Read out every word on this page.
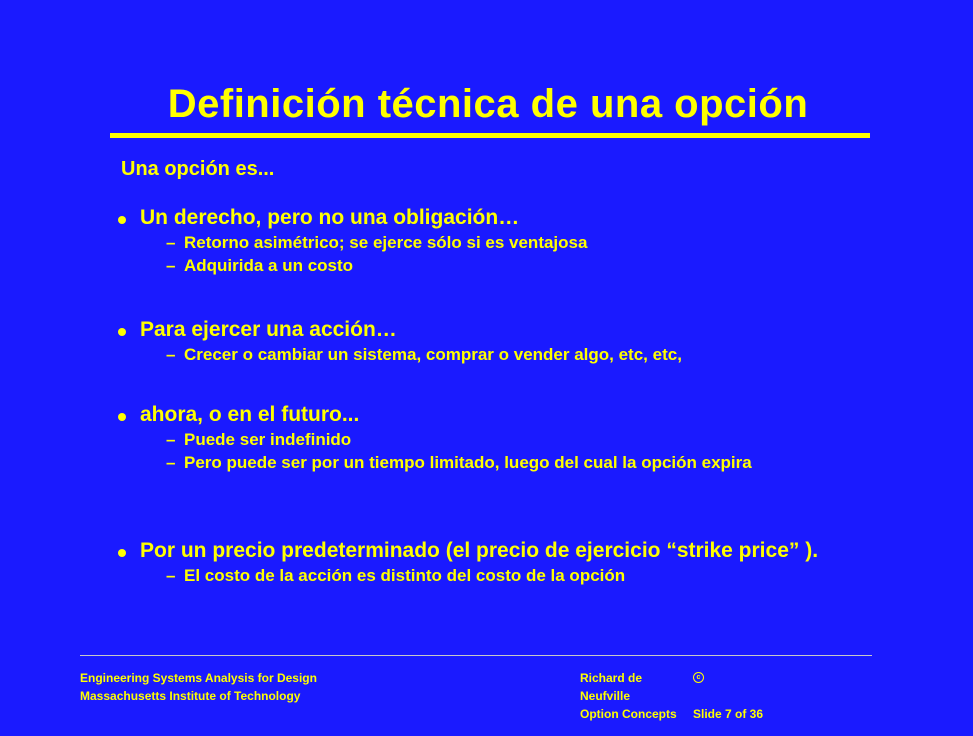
Definición técnica de una opción
Una opción es...
Un derecho, pero no una obligación…
– Retorno asimétrico; se ejerce sólo si es ventajosa
– Adquirida a un costo
Para ejercer una acción…
– Crecer o cambiar un sistema, comprar o vender algo, etc, etc,
ahora, o en el futuro...
– Puede ser indefinido
– Pero puede ser por un tiempo limitado, luego del cual la opción expira
Por un precio predeterminado (el precio de ejercicio “strike price” ).
– El costo de la acción es distinto del costo de la opción
Engineering Systems Analysis for Design
Massachusetts Institute of Technology
Richard de Neufville
c
Option Concepts	Slide 7 of 36
